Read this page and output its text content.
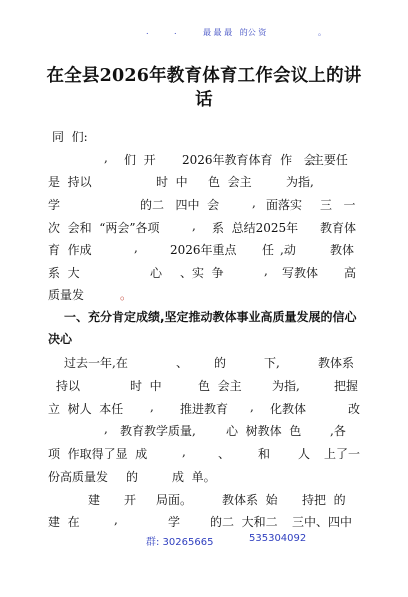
.	.	最 最 最   的公 资	。
在全县2026年教育体育工作会议上的讲
话

同  们:

,

们  开

2026年教育体育  作   会

,主要任

是  持以

	时  中

色  会主

	为指,

学

	的二   四中  会

	,

面落实

三   一

次  会和  “两会”各项

	,

系  总结2025年

教育体

育  作成

	,

	2026年重点

任

,动

	教体

系  大

	心

、实  争

	,

写教体

高

质量发

	。

一、充分肯定成绩,坚定推动教体事业高质量发展的信心

决心

过去一年,在

	、

的

	下,

	教体系

持以

	时  中

	色  会主

	为指,

	把握

立  树人  本任

,

推进教育

,

化教体

	改

,

教育教学质量,

	心  树教体  色

,各

项  作取得了显  成

	,

	、

和

人

上了一

份高质量发

的

	成  单。

建

开

局面。

教体系  始

持把  的

建  在

	,

	学

的二  大和二

三中、四中

群: 30265665	535304092
